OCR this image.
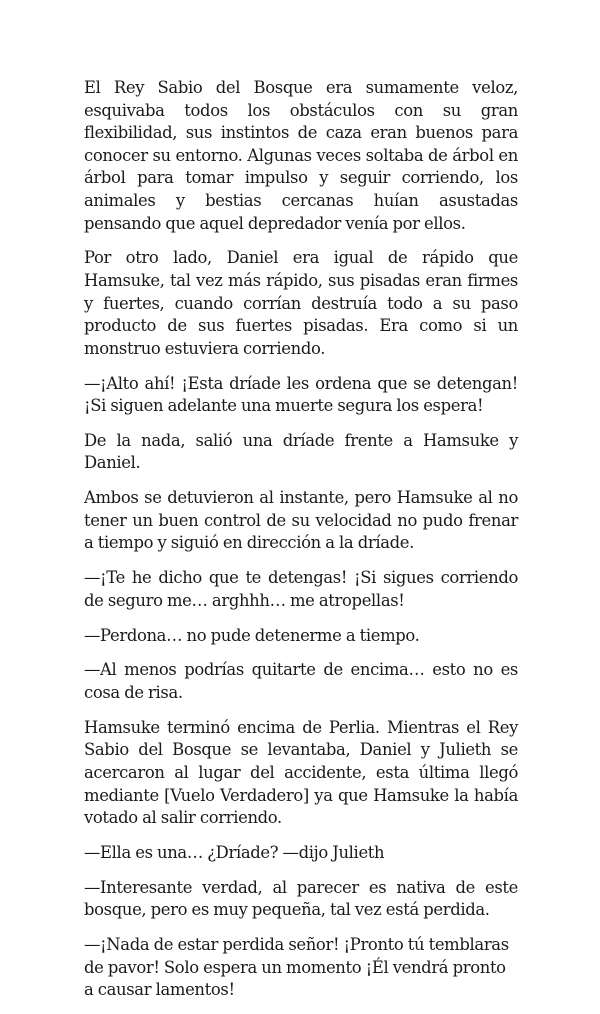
El Rey Sabio del Bosque era sumamente veloz, esquivaba todos los obstáculos con su gran flexibilidad, sus instintos de caza eran buenos para conocer su entorno. Algunas veces soltaba de árbol en árbol para tomar impulso y seguir corriendo, los animales y bestias cercanas huían asustadas pensando que aquel depredador venía por ellos.

Por otro lado, Daniel era igual de rápido que Hamsuke, tal vez más rápido, sus pisadas eran firmes y fuertes, cuando corrían destruía todo a su paso producto de sus fuertes pisadas. Era como si un monstruo estuviera corriendo.

—¡Alto ahí! ¡Esta dríade les ordena que se detengan! ¡Si siguen adelante una muerte segura los espera!

De la nada, salió una dríade frente a Hamsuke y Daniel.

Ambos se detuvieron al instante, pero Hamsuke al no tener un buen control de su velocidad no pudo frenar a tiempo y siguió en dirección a la dríade.

—¡Te he dicho que te detengas! ¡Si sigues corriendo de seguro me… arghhh… me atropellas!

—Perdona… no pude detenerme a tiempo.

—Al menos podrías quitarte de encima… esto no es cosa de risa.

Hamsuke terminó encima de Perlia. Mientras el Rey Sabio del Bosque se levantaba, Daniel y Julieth se acercaron al lugar del accidente, esta última llegó mediante [Vuelo Verdadero] ya que Hamsuke la había votado al salir corriendo.

—Ella es una… ¿Dríade? —dijo Julieth

—Interesante verdad, al parecer es nativa de este bosque, pero es muy pequeña, tal vez está perdida.

—¡Nada de estar perdida señor! ¡Pronto tú temblaras de pavor! Solo espera un momento ¡Él vendrá pronto a causar lamentos!
